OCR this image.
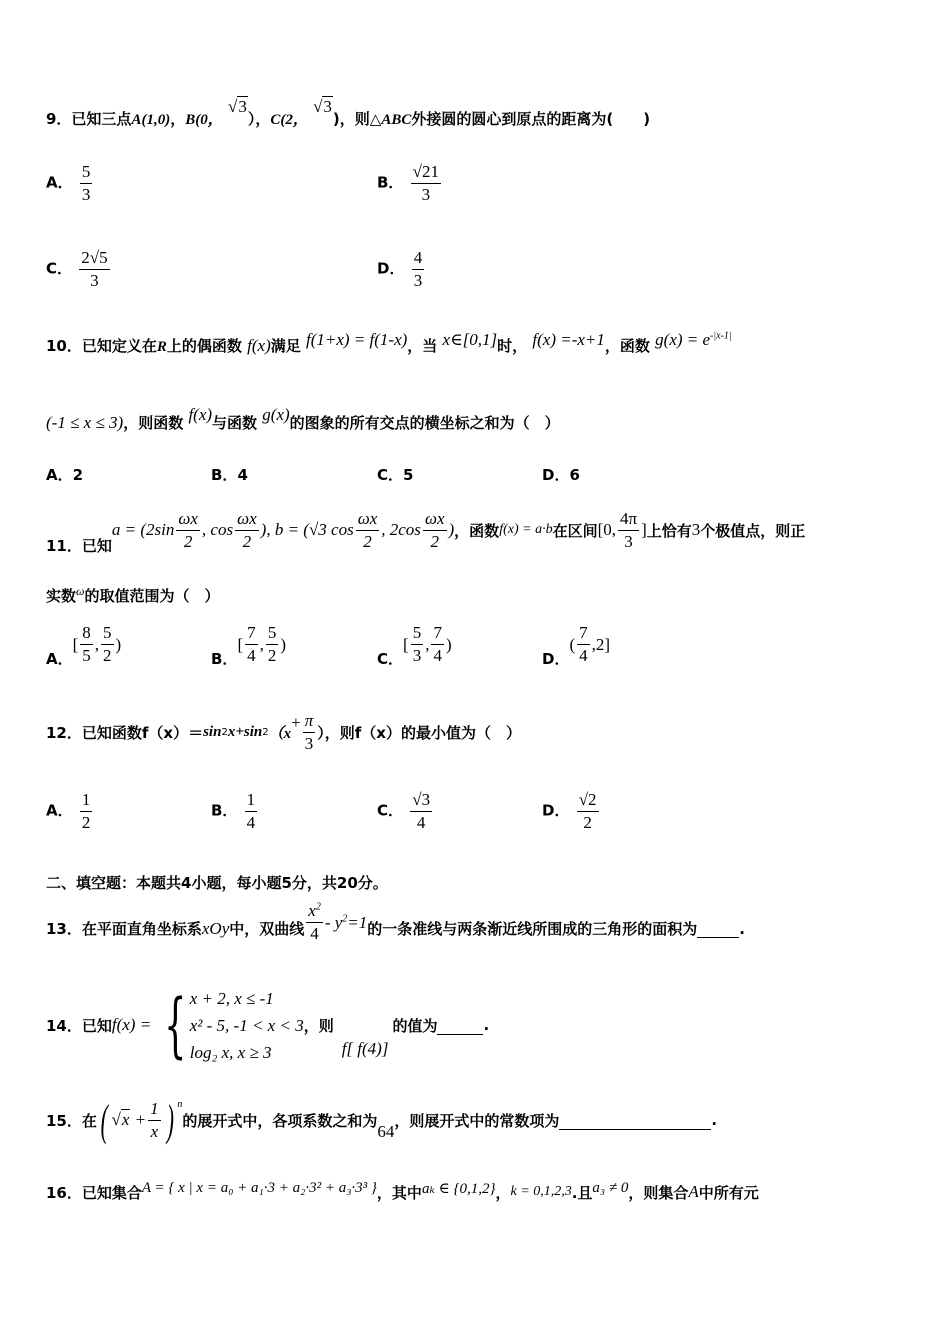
9．已知三点A(1,0)，B(0， √3），C(2， √3)，则△ABC外接圆的圆心到原点的距离为(　　)
A． $\frac{5}{3}$	B． $\frac{√21}{3}$
C． $\frac{2√5}{3}$	D． $\frac{4}{3}$
10．已知定义在R上的偶函数 f(x)满足 f(1+x) = f(1-x)，当 x∈[0,1]时， f(x) =-x+1，函数 $g(x) = e^{-|x-1|}$
(-1 ≤ x ≤ 3)，则函数 f(x)与函数 g(x)的图象的所有交点的横坐标之和为（　）
A．2	B．4	C．5	D．6
11．已知
$a = (2\sin \frac{\omega x}{2}$ , $\cos \frac{\omega x}{2}$ ), b = (√3 $\cos \frac{\omega x}{2}$ , $2\cos \frac{\omega x}{2}$ ) ，函数 f(x) = a·b 在区间 [0, $\frac{4\pi}{3}$ ] 上恰有 3 个极值点，则正
实数$^\omega$的取值范围为（　）
A．
[ $\frac{8}{5}$ , $\frac{5}{2}$ )
B．
[ $\frac{7}{4}$ , $\frac{5}{2}$ )
C．
[ $\frac{5}{3}$ , $\frac{7}{4}$ )
D．
( $\frac{7}{4}$ , 2 ]
12．已知函数 f（x）＝ sin 2 x+ sin 2 （x
+ $\frac{\pi}{3}$ ），则 f（x） 的最小值为（　）
A． $\frac{1}{2}$	B． $\frac{1}{4}$	C． $\frac{√3}{4}$	D． $\frac{√2}{2}$
二、填空题：本题共4小题，每小题5分，共20分。
13．在平面直角坐标系 xOy 中，双曲线 $\frac{x^2}{4} - y^2=1$ 的一条准线与两条渐近线所围成的三角形的面积为
	.
14．已知 f(x) = { x + 2, x ≤ -1
x² - 5, -1 < x < 3
log₂ x, x ≥ 3
，则
f[ f(4)]
的值为
	.
15．在 ( $√x + \frac{1}{x}$ ) n
的展开式中，各项系数之和为
64
，则展开式中的常数项为
	.
16．已知集合 A = { x | x = a₀ + a₁·3 + a₂·3² + a₃·3³ } ，其中 aₖ ∈ {0,1,2} ， k = 0,1,2,3 .且 a₃ ≠ 0 ，则集合 A 中所有元
